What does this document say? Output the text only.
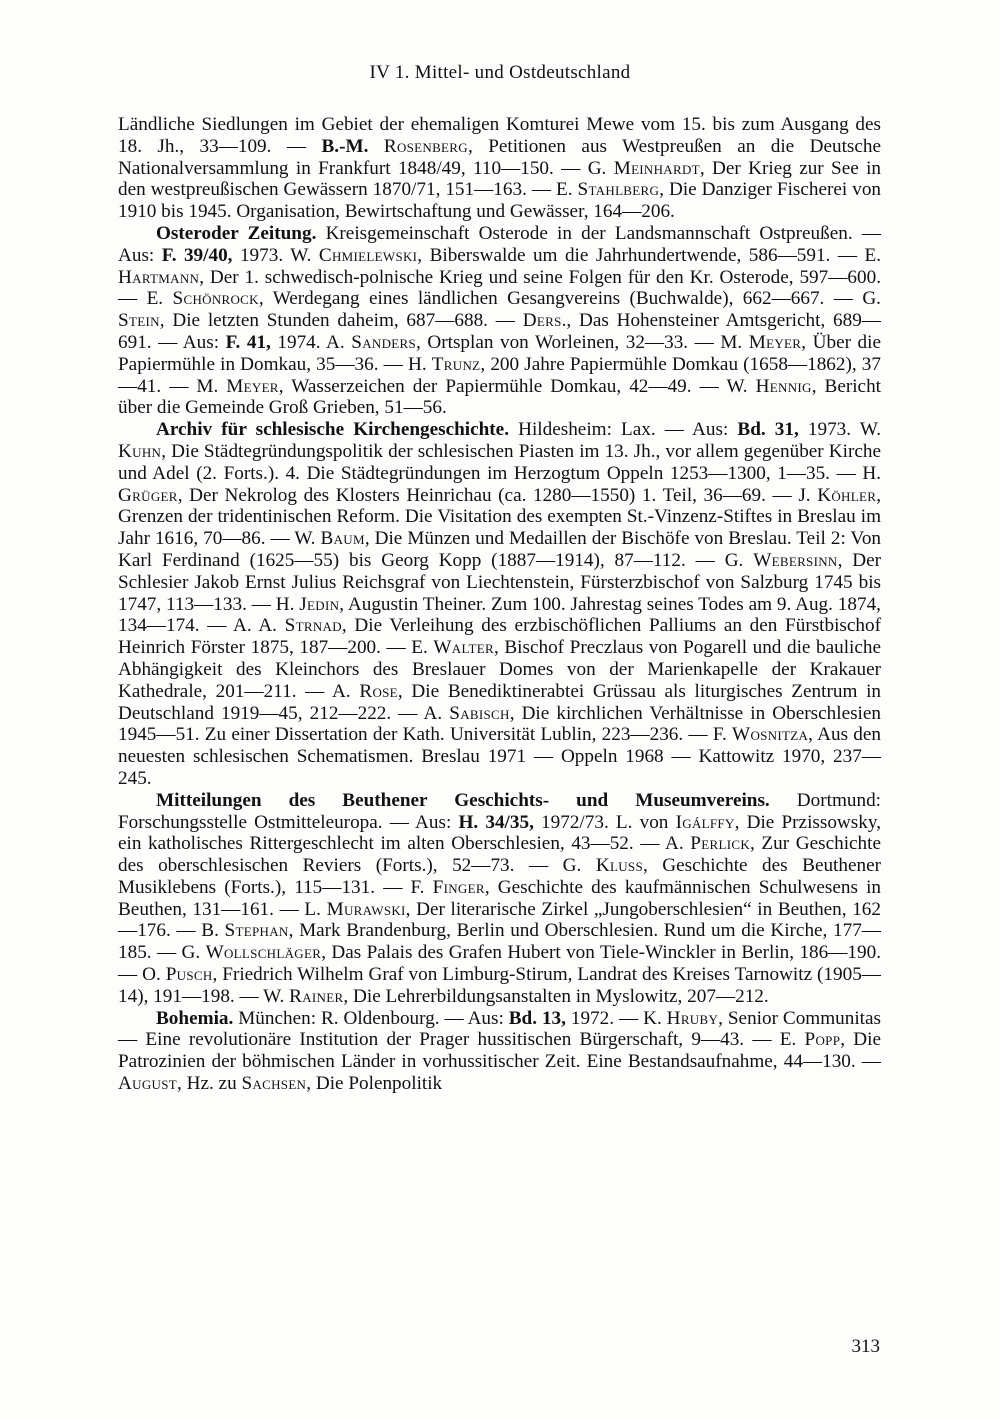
IV 1. Mittel- und Ostdeutschland

Ländliche Siedlungen im Gebiet der ehemaligen Komturei Mewe vom 15. bis zum Ausgang des 18. Jh., 33—109. — B.-M. Rosenberg, Petitionen aus Westpreußen an die Deutsche Nationalversammlung in Frankfurt 1848/49, 110—150. — G. Meinhardt, Der Krieg zur See in den westpreußischen Gewässern 1870/71, 151—163. — E. Stahlberg, Die Danziger Fischerei von 1910 bis 1945. Organisation, Bewirtschaftung und Gewässer, 164—206.

Osteroder Zeitung. Kreisgemeinschaft Osterode in der Landsmannschaft Ostpreußen. — Aus: F. 39/40, 1973. W. Chmielewski, Biberswalde um die Jahrhundertwende, 586—591. — E. Hartmann, Der 1. schwedisch-polnische Krieg und seine Folgen für den Kr. Osterode, 597—600. — E. Schönrock, Werdegang eines ländlichen Gesangvereins (Buchwalde), 662—667. — G. Stein, Die letzten Stunden daheim, 687—688. — Ders., Das Hohensteiner Amtsgericht, 689—691. — Aus: F. 41, 1974. A. Sanders, Ortsplan von Worleinen, 32—33. — M. Meyer, Über die Papiermühle in Domkau, 35—36. — H. Trunz, 200 Jahre Papiermühle Domkau (1658—1862), 37—41. — M. Meyer, Wasserzeichen der Papiermühle Domkau, 42—49. — W. Hennig, Bericht über die Gemeinde Groß Grieben, 51—56.

Archiv für schlesische Kirchengeschichte. Hildesheim: Lax. — Aus: Bd. 31, 1973. W. Kuhn, Die Städtegründungspolitik der schlesischen Piasten im 13. Jh., vor allem gegenüber Kirche und Adel (2. Forts.). 4. Die Städtegründungen im Herzogtum Oppeln 1253—1300, 1—35. — H. Grüger, Der Nekrolog des Klosters Heinrichau (ca. 1280—1550) 1. Teil, 36—69. — J. Köhler, Grenzen der tridentinischen Reform. Die Visitation des exempten St.-Vinzenz-Stiftes in Breslau im Jahr 1616, 70—86. — W. Baum, Die Münzen und Medaillen der Bischöfe von Breslau. Teil 2: Von Karl Ferdinand (1625—55) bis Georg Kopp (1887—1914), 87—112. — G. Webersinn, Der Schlesier Jakob Ernst Julius Reichsgraf von Liechtenstein, Fürsterzbischof von Salzburg 1745 bis 1747, 113—133. — H. Jedin, Augustin Theiner. Zum 100. Jahrestag seines Todes am 9. Aug. 1874, 134—174. — A. A. Strnad, Die Verleihung des erzbischöflichen Palliums an den Fürstbischof Heinrich Förster 1875, 187—200. — E. Walter, Bischof Preczlaus von Pogarell und die bauliche Abhängigkeit des Kleinchors des Breslauer Domes von der Marienkapelle der Krakauer Kathedrale, 201—211. — A. Rose, Die Benediktinerabtei Grüssau als liturgisches Zentrum in Deutschland 1919—45, 212—222. — A. Sabisch, Die kirchlichen Verhältnisse in Oberschlesien 1945—51. Zu einer Dissertation der Kath. Universität Lublin, 223—236. — F. Wosnitza, Aus den neuesten schlesischen Schematismen. Breslau 1971 — Oppeln 1968 — Kattowitz 1970, 237—245.

Mitteilungen des Beuthener Geschichts- und Museumvereins. Dortmund: Forschungsstelle Ostmitteleuropa. — Aus: H. 34/35, 1972/73. L. von Igálffy, Die Przissowsky, ein katholisches Rittergeschlecht im alten Oberschlesien, 43—52. — A. Perlick, Zur Geschichte des oberschlesischen Reviers (Forts.), 52—73. — G. Kluss, Geschichte des Beuthener Musiklebens (Forts.), 115—131. — F. Finger, Geschichte des kaufmännischen Schulwesens in Beuthen, 131—161. — L. Murawski, Der literarische Zirkel „Jungoberschlesien“ in Beuthen, 162—176. — B. Stephan, Mark Brandenburg, Berlin und Oberschlesien. Rund um die Kirche, 177—185. — G. Wollschläger, Das Palais des Grafen Hubert von Tiele-Winckler in Berlin, 186—190. — O. Pusch, Friedrich Wilhelm Graf von Limburg-Stirum, Landrat des Kreises Tarnowitz (1905—14), 191—198. — W. Rainer, Die Lehrerbildungsanstalten in Myslowitz, 207—212.

Bohemia. München: R. Oldenbourg. — Aus: Bd. 13, 1972. — K. Hruby, Senior Communitas — Eine revolutionäre Institution der Prager hussitischen Bürgerschaft, 9—43. — E. Popp, Die Patrozinien der böhmischen Länder in vorhussitischer Zeit. Eine Bestandsaufnahme, 44—130. — August, Hz. zu Sachsen, Die Polenpolitik

313
